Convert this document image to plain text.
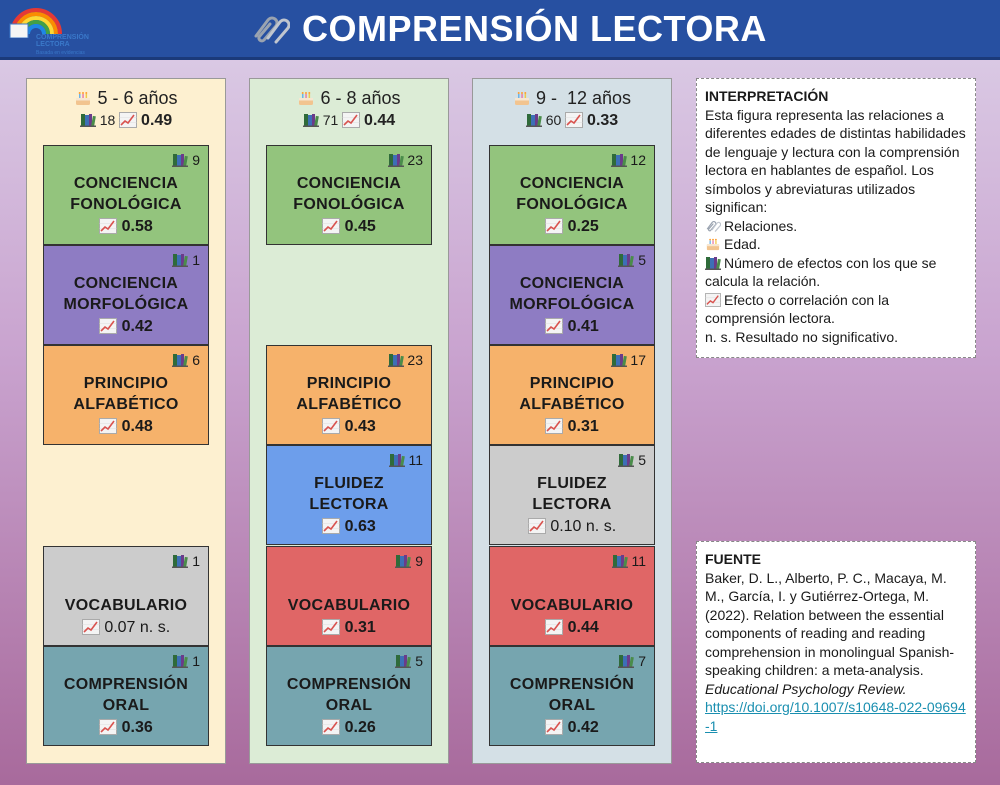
COMPRENSIÓN
LECTORA
Basada en evidencias
COMPRENSIÓN LECTORA
5 - 6 años
18 0.49
9
CONCIENCIA
FONOLÓGICA
0.58
1
CONCIENCIA
MORFOLÓGICA
0.42
6
PRINCIPIO
ALFABÉTICO
0.48
1
VOCABULARIO
0.07 n. s.
1
COMPRENSIÓN
ORAL
0.36
6 - 8 años
71 0.44
23
CONCIENCIA
FONOLÓGICA
0.45
23
PRINCIPIO
ALFABÉTICO
0.43
11
FLUIDEZ
LECTORA
0.63
9
VOCABULARIO
0.31
5
COMPRENSIÓN
ORAL
0.26
9 -  12 años
60 0.33
12
CONCIENCIA
FONOLÓGICA
0.25
5
CONCIENCIA
MORFOLÓGICA
0.41
17
PRINCIPIO
ALFABÉTICO
0.31
5
FLUIDEZ
LECTORA
0.10 n. s.
11
VOCABULARIO
0.44
7
COMPRENSIÓN
ORAL
0.42
INTERPRETACIÓN
Esta figura representa las relaciones a diferentes edades de distintas habilidades de lenguaje y lectura con la comprensión lectora en hablantes de español. Los símbolos y abreviaturas utilizados significan:
Relaciones.
Edad.
Número de efectos con los que se calcula la relación.
Efecto o correlación con la comprensión lectora.
n. s. Resultado no significativo.
FUENTE
Baker, D. L., Alberto, P. C., Macaya, M. M., García, I. y Gutiérrez-Ortega, M. (2022). Relation between the essential components of reading and reading comprehension in monolingual Spanish-speaking children: a meta-analysis. Educational Psychology Review.
https://doi.org/10.1007/s10648-022-09694-1
